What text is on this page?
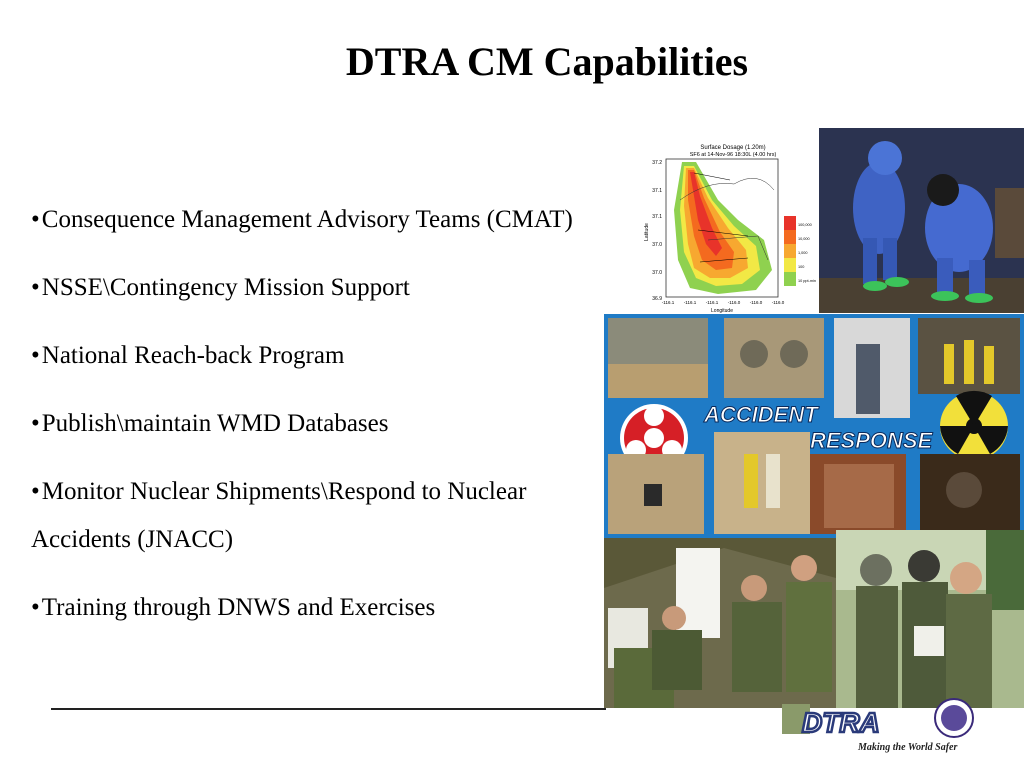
DTRA CM Capabilities
•Consequence Management Advisory Teams (CMAT)
•NSSE\Contingency Mission Support
•National Reach-back Program
•Publish\maintain WMD Databases
•Monitor Nuclear Shipments\Respond to Nuclear Accidents (JNACC)
•Training through DNWS and Exercises
Surface Dosage (1.20m)
SF6 at 14-Nov-96 18:30L (4.00 hrs)
37.2
37.1
37.1
37.0
37.0
36.9
Latitude
-116.1 -116.1 -116.1 -116.0 -116.0 -116.0
Longitude
100,000
10,000
1,000
100
10 ppt-min
ACCIDENT
RESPONSE
DTRA
Making the World Safer
